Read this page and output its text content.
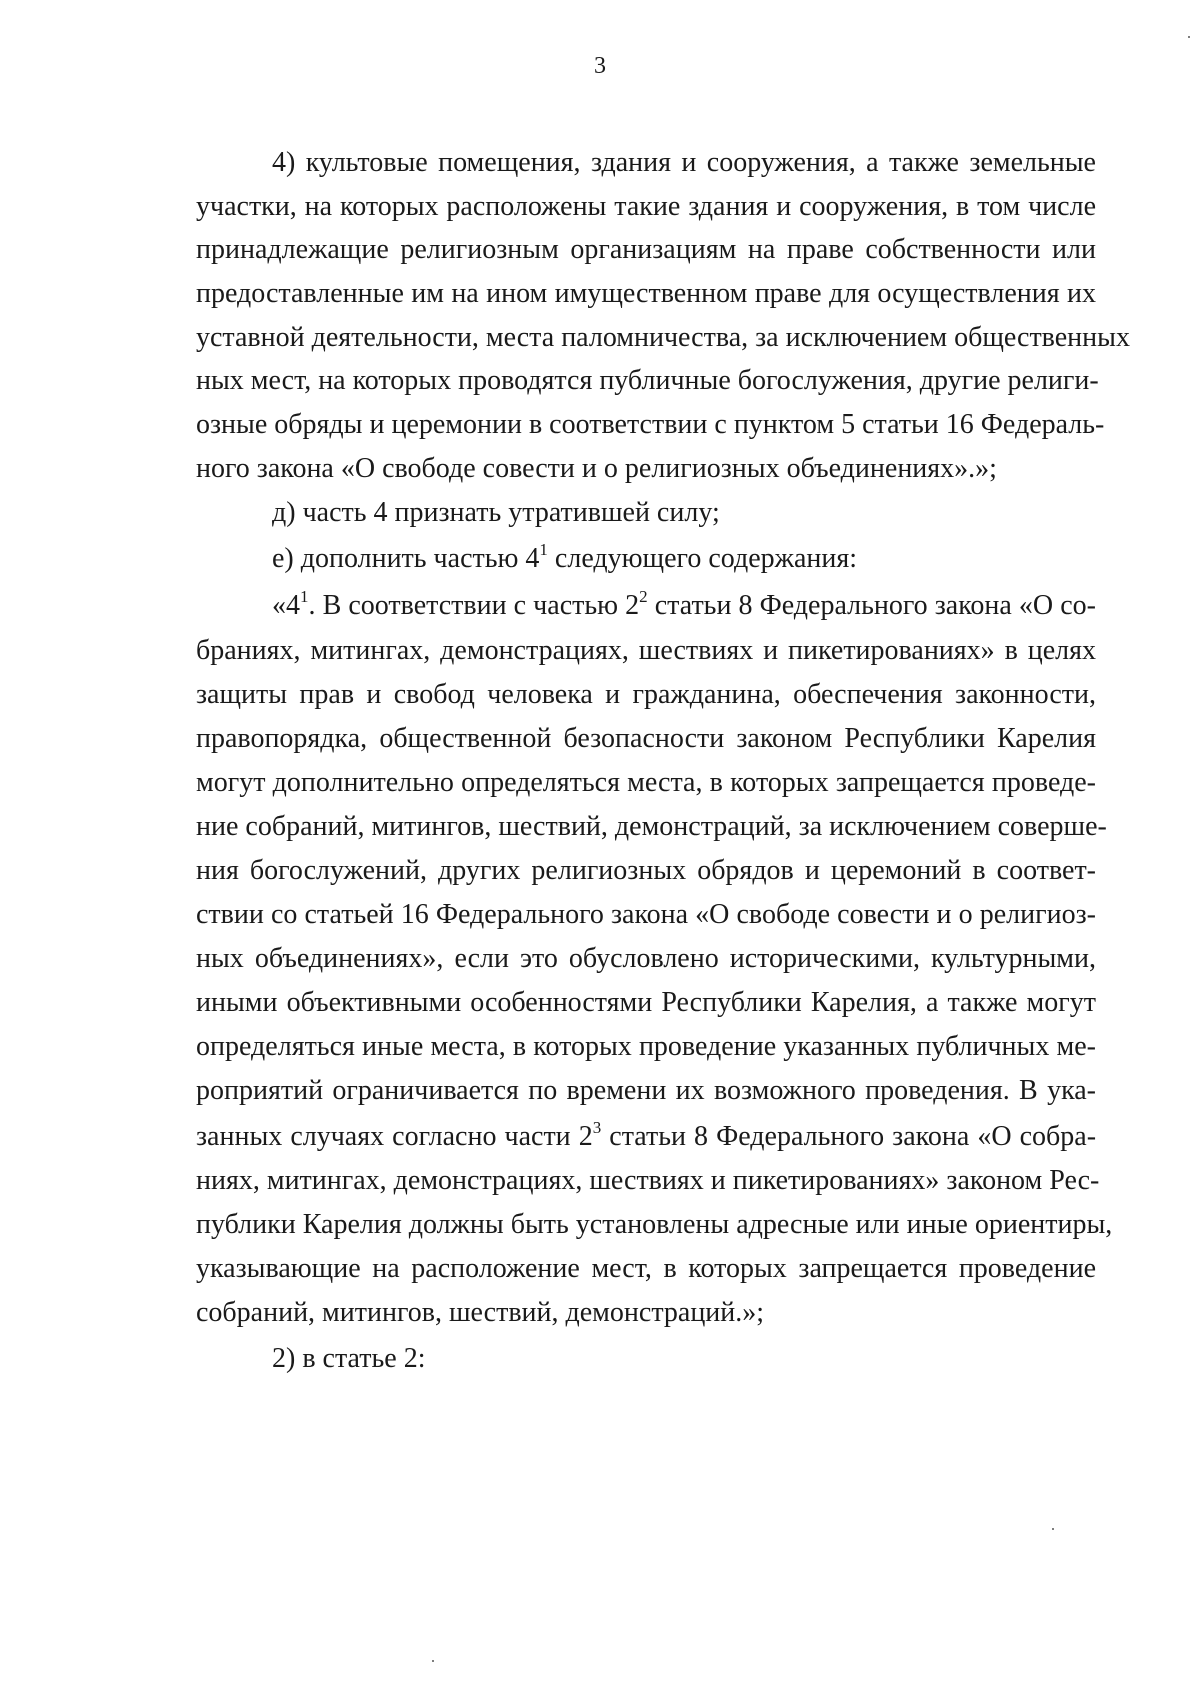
3
4) культовые помещения, здания и сооружения, а также земельные
участки, на которых расположены такие здания и сооружения, в том числе
принадлежащие религиозным организациям на праве собственности или
предоставленные им на ином имущественном праве для осуществления их
уставной деятельности, места паломничества, за исключением общественных
ных мест, на которых проводятся публичные богослужения, другие религи-
озные обряды и церемонии в соответствии с пунктом 5 статьи 16 Федераль-
ного закона «О свободе совести и о религиозных объединениях».»;
д) часть 4 признать утратившей силу;
е) дополнить частью $4^1$ следующего содержания:
«$4^1$. В соответствии с частью $2^2$ статьи 8 Федерального закона «О со-
браниях, митингах, демонстрациях, шествиях и пикетированиях» в целях
защиты прав и свобод человека и гражданина, обеспечения законности,
правопорядка, общественной безопасности законом Республики Карелия
могут дополнительно определяться места, в которых запрещается проведе-
ние собраний, митингов, шествий, демонстраций, за исключением соверше-
ния богослужений, других религиозных обрядов и церемоний в соответ-
ствии со статьей 16 Федерального закона «О свободе совести и о религиоз-
ных объединениях», если это обусловлено историческими, культурными,
иными объективными особенностями Республики Карелия, а также могут
определяться иные места, в которых проведение указанных публичных ме-
роприятий ограничивается по времени их возможного проведения. В ука-
занных случаях согласно части $2^3$ статьи 8 Федерального закона «О собра-
ниях, митингах, демонстрациях, шествиях и пикетированиях» законом Рес-
публики Карелия должны быть установлены адресные или иные ориентиры,
указывающие на расположение мест, в которых запрещается проведение
собраний, митингов, шествий, демонстраций.»;
2) в статье 2:
